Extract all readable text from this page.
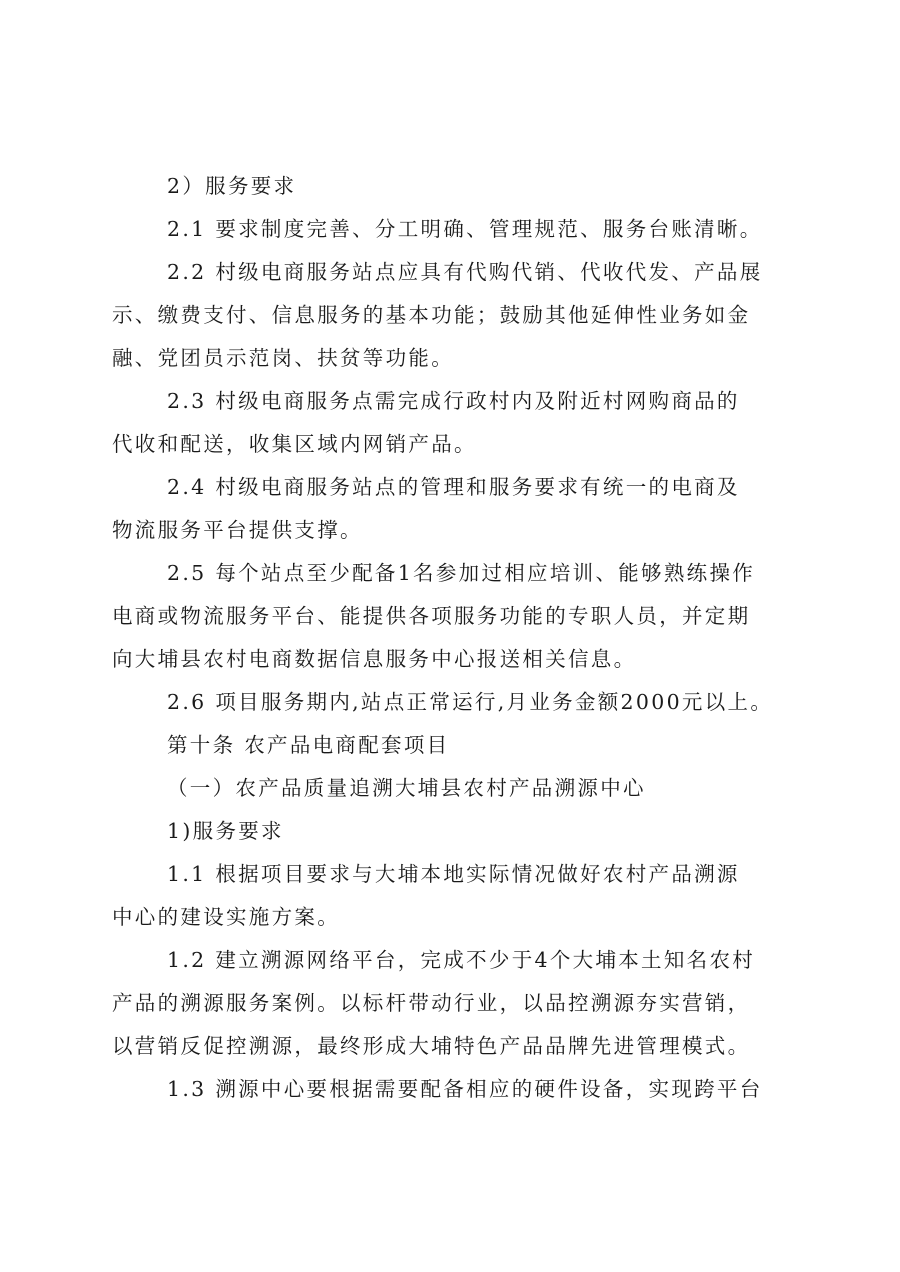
2）服务要求
2.1 要求制度完善、分工明确、管理规范、服务台账清晰。
2.2 村级电商服务站点应具有代购代销、代收代发、产品展
示、缴费支付、信息服务的基本功能；鼓励其他延伸性业务如金
融、党团员示范岗、扶贫等功能。
2.3 村级电商服务点需完成行政村内及附近村网购商品的
代收和配送，收集区域内网销产品。
2.4 村级电商服务站点的管理和服务要求有统一的电商及
物流服务平台提供支撑。
2.5 每个站点至少配备1名参加过相应培训、能够熟练操作
电商或物流服务平台、能提供各项服务功能的专职人员，并定期
向大埔县农村电商数据信息服务中心报送相关信息。
2.6 项目服务期内,站点正常运行,月业务金额2000元以上。
第十条 农产品电商配套项目
（一）农产品质量追溯大埔县农村产品溯源中心
1)服务要求
1.1 根据项目要求与大埔本地实际情况做好农村产品溯源
中心的建设实施方案。
1.2 建立溯源网络平台，完成不少于4个大埔本土知名农村
产品的溯源服务案例。以标杆带动行业，以品控溯源夯实营销，
以营销反促控溯源，最终形成大埔特色产品品牌先进管理模式。
1.3 溯源中心要根据需要配备相应的硬件设备，实现跨平台
